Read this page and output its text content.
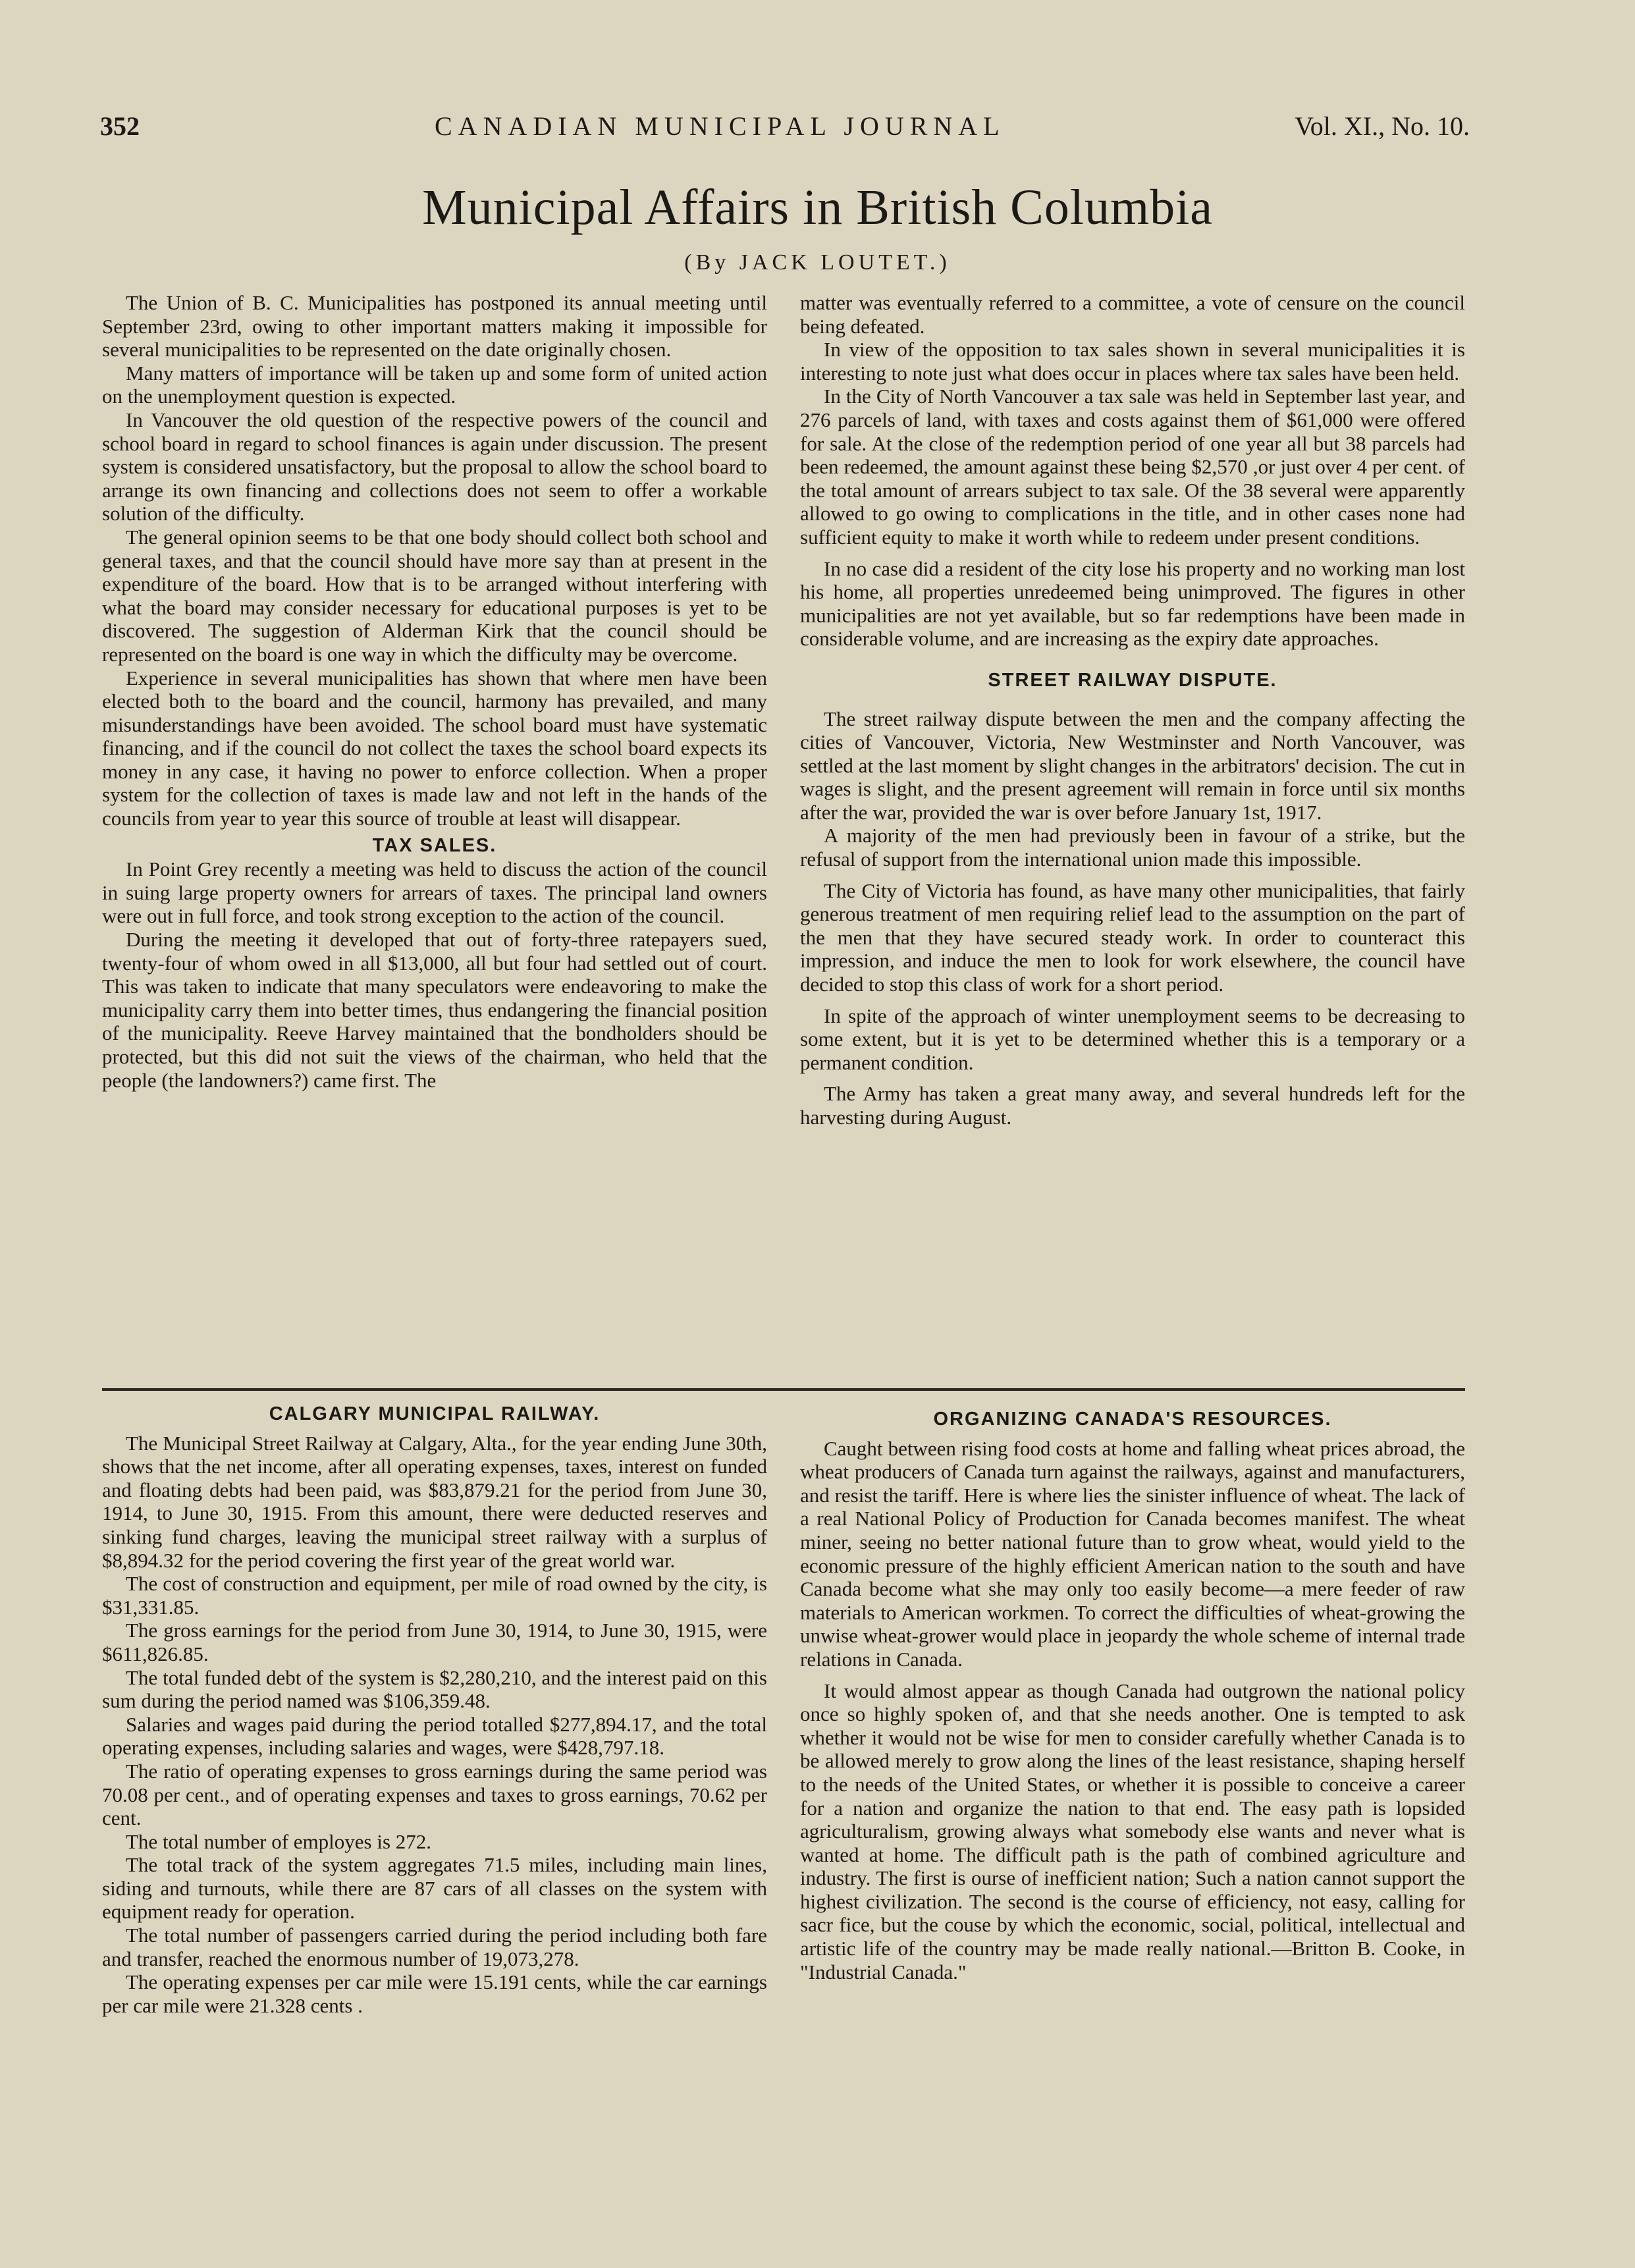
352	CANADIAN MUNICIPAL JOURNAL	Vol. XI., No. 10.
Municipal Affairs in British Columbia
(By JACK LOUTET.)

The Union of B. C. Municipalities has postponed its annual meeting until September 23rd, owing to other important matters making it impossible for several municipalities to be represented on the date originally chosen.

Many matters of importance will be taken up and some form of united action on the unemployment question is expected.

In Vancouver the old question of the respective powers of the council and school board in regard to school finances is again under discussion. The present system is considered unsatisfactory, but the proposal to allow the school board to arrange its own financing and collections does not seem to offer a workable solution of the difficulty.

The general opinion seems to be that one body should collect both school and general taxes, and that the council should have more say than at present in the expenditure of the board. How that is to be arranged without interfering with what the board may consider necessary for educational purposes is yet to be discovered. The suggestion of Alderman Kirk that the council should be represented on the board is one way in which the difficulty may be overcome.

Experience in several municipalities has shown that where men have been elected both to the board and the council, harmony has prevailed, and many misunderstandings have been avoided. The school board must have systematic financing, and if the council do not collect the taxes the school board expects its money in any case, it having no power to enforce collection. When a proper system for the collection of taxes is made law and not left in the hands of the councils from year to year this source of trouble at least will disappear.

TAX SALES.

In Point Grey recently a meeting was held to discuss the action of the council in suing large property owners for arrears of taxes. The principal land owners were out in full force, and took strong exception to the action of the council.

During the meeting it developed that out of forty-three ratepayers sued, twenty-four of whom owed in all $13,000, all but four had settled out of court. This was taken to indicate that many speculators were endeavoring to make the municipality carry them into better times, thus endangering the financial position of the municipality. Reeve Harvey maintained that the bondholders should be protected, but this did not suit the views of the chairman, who held that the people (the landowners?) came first. The

matter was eventually referred to a committee, a vote of censure on the council being defeated.

In view of the opposition to tax sales shown in several municipalities it is interesting to note just what does occur in places where tax sales have been held.

In the City of North Vancouver a tax sale was held in September last year, and 276 parcels of land, with taxes and costs against them of $61,000 were offered for sale. At the close of the redemption period of one year all but 38 parcels had been redeemed, the amount against these being $2,570 ,or just over 4 per cent. of the total amount of arrears subject to tax sale. Of the 38 several were apparently allowed to go owing to complications in the title, and in other cases none had sufficient equity to make it worth while to redeem under present conditions.

In no case did a resident of the city lose his property and no working man lost his home, all properties unredeemed being unimproved. The figures in other municipalities are not yet available, but so far redemptions have been made in considerable volume, and are increasing as the expiry date approaches.

STREET RAILWAY DISPUTE.

The street railway dispute between the men and the company affecting the cities of Vancouver, Victoria, New Westminster and North Vancouver, was settled at the last moment by slight changes in the arbitrators' decision. The cut in wages is slight, and the present agreement will remain in force until six months after the war, provided the war is over before January 1st, 1917.

A majority of the men had previously been in favour of a strike, but the refusal of support from the international union made this impossible.

The City of Victoria has found, as have many other municipalities, that fairly generous treatment of men requiring relief lead to the assumption on the part of the men that they have secured steady work. In order to counteract this impression, and induce the men to look for work elsewhere, the council have decided to stop this class of work for a short period.

In spite of the approach of winter unemployment seems to be decreasing to some extent, but it is yet to be determined whether this is a temporary or a permanent condition.

The Army has taken a great many away, and several hundreds left for the harvesting during August.

CALGARY MUNICIPAL RAILWAY.

The Municipal Street Railway at Calgary, Alta., for the year ending June 30th, shows that the net income, after all operating expenses, taxes, interest on funded and floating debts had been paid, was $83,879.21 for the period from June 30, 1914, to June 30, 1915. From this amount, there were deducted reserves and sinking fund charges, leaving the municipal street railway with a surplus of $8,894.32 for the period covering the first year of the great world war.

The cost of construction and equipment, per mile of road owned by the city, is $31,331.85.

The gross earnings for the period from June 30, 1914, to June 30, 1915, were $611,826.85.

The total funded debt of the system is $2,280,210, and the interest paid on this sum during the period named was $106,359.48.

Salaries and wages paid during the period totalled $277,894.17, and the total operating expenses, including salaries and wages, were $428,797.18.

The ratio of operating expenses to gross earnings during the same period was 70.08 per cent., and of operating expenses and taxes to gross earnings, 70.62 per cent.

The total number of employes is 272.

The total track of the system aggregates 71.5 miles, including main lines, siding and turnouts, while there are 87 cars of all classes on the system with equipment ready for operation.

The total number of passengers carried during the period including both fare and transfer, reached the enormous number of 19,073,278.

The operating expenses per car mile were 15.191 cents, while the car earnings per car mile were 21.328 cents .

ORGANIZING CANADA'S RESOURCES.

Caught between rising food costs at home and falling wheat prices abroad, the wheat producers of Canada turn against the railways, against and manufacturers, and resist the tariff. Here is where lies the sinister influence of wheat. The lack of a real National Policy of Production for Canada becomes manifest. The wheat miner, seeing no better national future than to grow wheat, would yield to the economic pressure of the highly efficient American nation to the south and have Canada become what she may only too easily become—a mere feeder of raw materials to American workmen. To correct the difficulties of wheat-growing the unwise wheat-grower would place in jeopardy the whole scheme of internal trade relations in Canada.

It would almost appear as though Canada had outgrown the national policy once so highly spoken of, and that she needs another. One is tempted to ask whether it would not be wise for men to consider carefully whether Canada is to be allowed merely to grow along the lines of the least resistance, shaping herself to the needs of the United States, or whether it is possible to conceive a career for a nation and organize the nation to that end. The easy path is lopsided agriculturalism, growing always what somebody else wants and never what is wanted at home. The difficult path is the path of combined agriculture and industry. The first is ourse of inefficient nation; Such a nation cannot support the highest civilization. The second is the course of efficiency, not easy, calling for sacr fice, but the couse by which the economic, social, political, intellectual and artistic life of the country may be made really national.—Britton B. Cooke, in "Industrial Canada."
